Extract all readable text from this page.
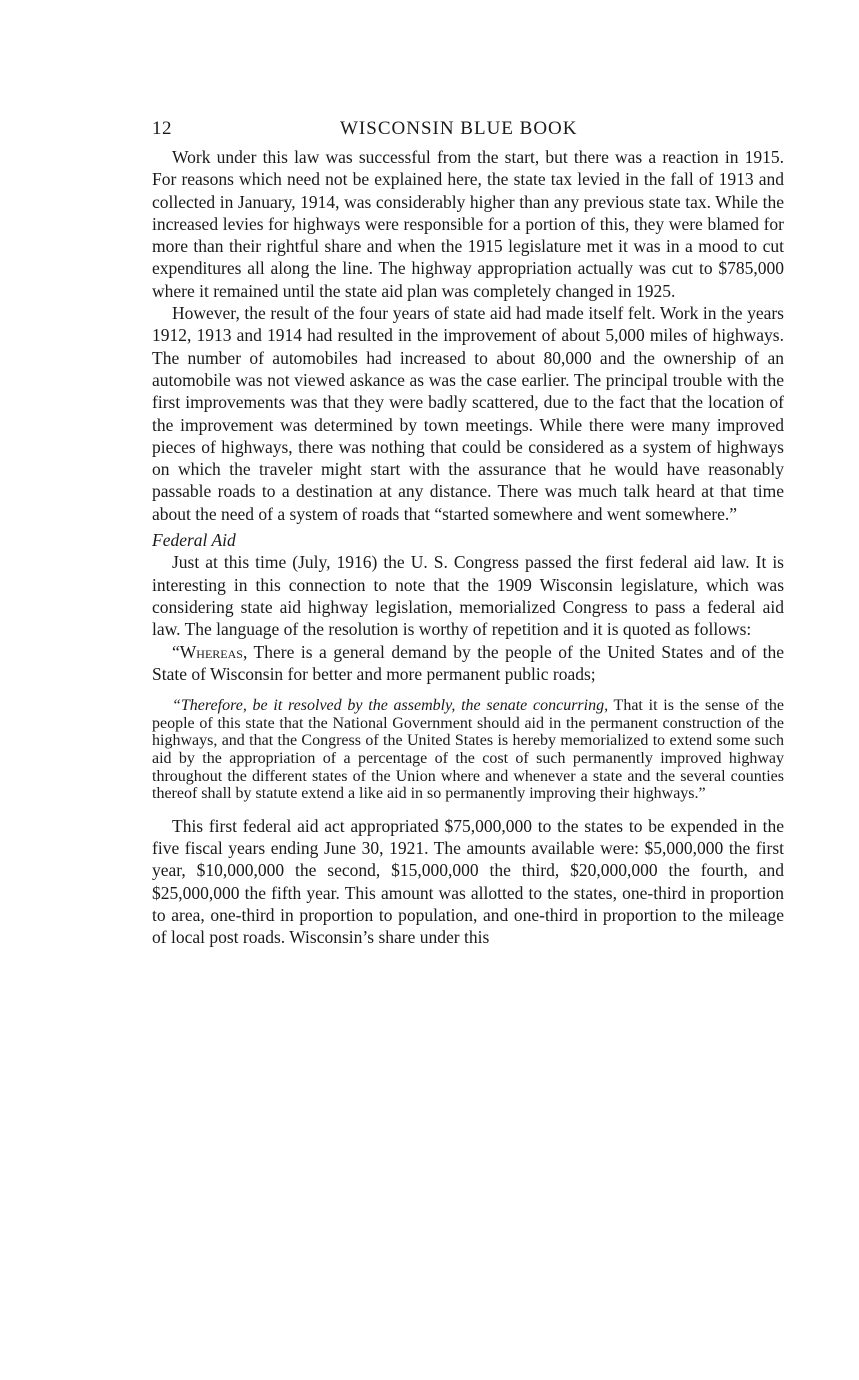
12	WISCONSIN BLUE BOOK

Work under this law was successful from the start, but there was a reaction in 1915. For reasons which need not be explained here, the state tax levied in the fall of 1913 and collected in January, 1914, was considerably higher than any previous state tax. While the increased levies for highways were responsible for a portion of this, they were blamed for more than their rightful share and when the 1915 legislature met it was in a mood to cut expenditures all along the line. The highway appropriation actually was cut to $785,000 where it remained until the state aid plan was completely changed in 1925.

However, the result of the four years of state aid had made itself felt. Work in the years 1912, 1913 and 1914 had resulted in the improvement of about 5,000 miles of highways. The number of automobiles had increased to about 80,000 and the ownership of an automobile was not viewed askance as was the case earlier. The principal trouble with the first improvements was that they were badly scattered, due to the fact that the location of the improvement was determined by town meetings. While there were many improved pieces of highways, there was nothing that could be considered as a system of highways on which the traveler might start with the assurance that he would have reasonably passable roads to a destination at any distance. There was much talk heard at that time about the need of a system of roads that “started somewhere and went somewhere.”

Federal Aid

Just at this time (July, 1916) the U. S. Congress passed the first federal aid law. It is interesting in this connection to note that the 1909 Wisconsin legislature, which was considering state aid highway legislation, memorialized Congress to pass a federal aid law. The language of the resolution is worthy of repetition and it is quoted as follows:

“Whereas, There is a general demand by the people of the United States and of the State of Wisconsin for better and more permanent public roads;

“Therefore, be it resolved by the assembly, the senate concurring, That it is the sense of the people of this state that the National Government should aid in the permanent construction of the highways, and that the Congress of the United States is hereby memorialized to extend some such aid by the appropriation of a percentage of the cost of such permanently improved highway throughout the different states of the Union where and whenever a state and the several counties thereof shall by statute extend a like aid in so permanently improving their highways.”

This first federal aid act appropriated $75,000,000 to the states to be expended in the five fiscal years ending June 30, 1921. The amounts available were: $5,000,000 the first year, $10,000,000 the second, $15,000,000 the third, $20,000,000 the fourth, and $25,000,000 the fifth year. This amount was allotted to the states, one-third in proportion to area, one-third in proportion to population, and one-third in proportion to the mileage of local post roads. Wisconsin’s share under this
